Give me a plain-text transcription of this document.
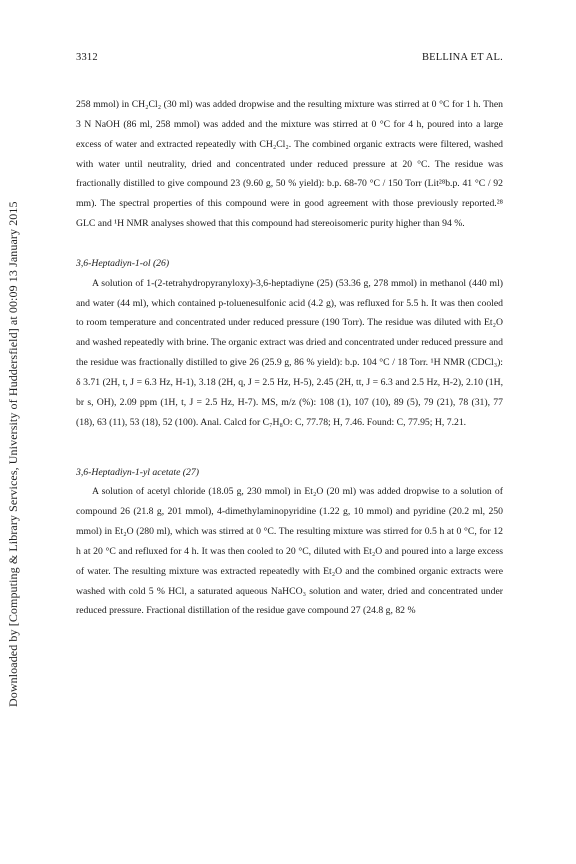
3312	BELLINA ET AL.
Downloaded by [Computing & Library Services, University of Huddersfield] at 00:09 13 January 2015

258 mmol) in CH₂Cl₂ (30 ml) was added dropwise and the resulting mixture was stirred at 0 °C for 1 h. Then 3 N NaOH (86 ml, 258 mmol) was added and the mixture was stirred at 0 °C for 4 h, poured into a large excess of water and extracted repeatedly with CH₂Cl₂. The combined organic extracts were filtered, washed with water until neutrality, dried and concentrated under reduced pressure at 20 °C. The residue was fractionally distilled to give compound 23 (9.60 g, 50 % yield): b.p. 68-70 °C / 150 Torr (Lit²⁸b.p. 41 °C / 92 mm). The spectral properties of this compound were in good agreement with those previously reported.²⁸ GLC and ¹H NMR analyses showed that this compound had stereoisomeric purity higher than 94 %.

3,6-Heptadiyn-1-ol (26)

A solution of 1-(2-tetrahydropyranyloxy)-3,6-heptadiyne (25) (53.36 g, 278 mmol) in methanol (440 ml) and water (44 ml), which contained p-toluenesulfonic acid (4.2 g), was refluxed for 5.5 h. It was then cooled to room temperature and concentrated under reduced pressure (190 Torr). The residue was diluted with Et₂O and washed repeatedly with brine. The organic extract was dried and concentrated under reduced pressure and the residue was fractionally distilled to give 26 (25.9 g, 86 % yield): b.p. 104 °C / 18 Torr. ¹H NMR (CDCl₃): δ 3.71 (2H, t, J = 6.3 Hz, H-1), 3.18 (2H, q, J = 2.5 Hz, H-5), 2.45 (2H, tt, J = 6.3 and 2.5 Hz, H-2), 2.10 (1H, br s, OH), 2.09 ppm (1H, t, J = 2.5 Hz, H-7). MS, m/z (%): 108 (1), 107 (10), 89 (5), 79 (21), 78 (31), 77 (18), 63 (11), 53 (18), 52 (100). Anal. Calcd for C₇H₈O: C, 77.78; H, 7.46. Found: C, 77.95; H, 7.21.

3,6-Heptadiyn-1-yl acetate (27)

A solution of acetyl chloride (18.05 g, 230 mmol) in Et₂O (20 ml) was added dropwise to a solution of compound 26 (21.8 g, 201 mmol), 4-dimethylaminopyridine (1.22 g, 10 mmol) and pyridine (20.2 ml, 250 mmol) in Et₂O (280 ml), which was stirred at 0 °C. The resulting mixture was stirred for 0.5 h at 0 °C, for 12 h at 20 °C and refluxed for 4 h. It was then cooled to 20 °C, diluted with Et₂O and poured into a large excess of water. The resulting mixture was extracted repeatedly with Et₂O and the combined organic extracts were washed with cold 5 % HCl, a saturated aqueous NaHCO₃ solution and water, dried and concentrated under reduced pressure. Fractional distillation of the residue gave compound 27 (24.8 g, 82 %
